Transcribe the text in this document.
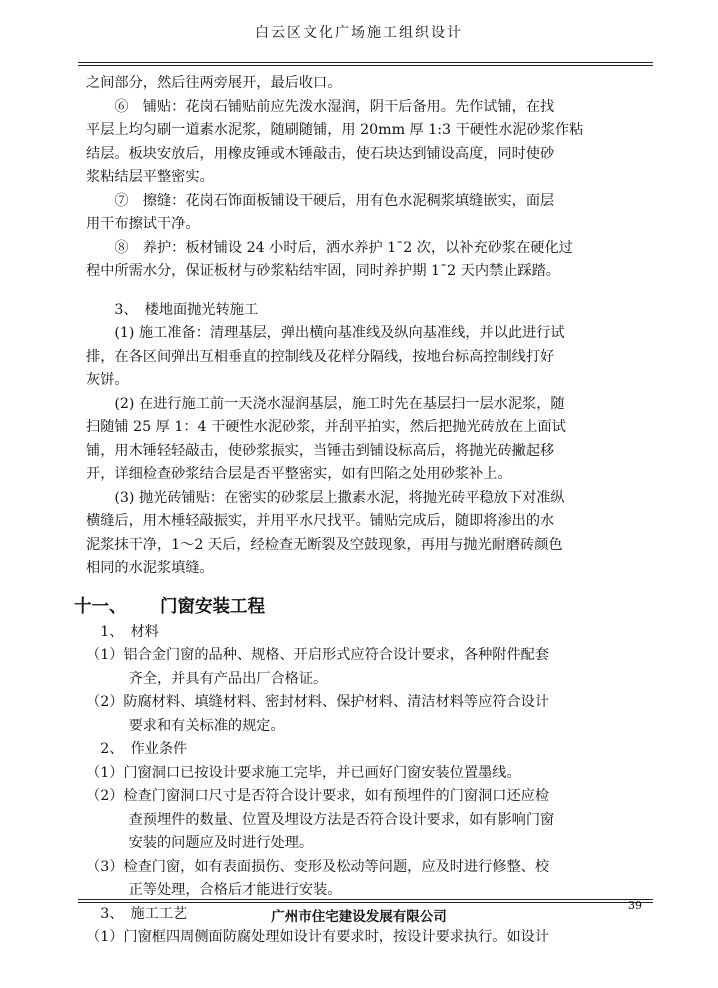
白云区文化广场施工组织设计

之间部分，然后往两旁展开，最后收口。

　　⑥　铺贴：花岗石铺贴前应先泼水湿润，阴干后备用。先作试铺，在找

平层上均匀刷一道素水泥浆，随刷随铺，用 20mm 厚 1:3 干硬性水泥砂浆作粘

结层。板块安放后，用橡皮锤或木锤敲击，使石块达到铺设高度，同时使砂

浆粘结层平整密实。

　　⑦　擦缝：花岗石饰面板铺设干硬后，用有色水泥稠浆填缝嵌实，面层

用干布擦试干净。

　　⑧　养护：板材铺设 24 小时后，洒水养护 1¯2 次，以补充砂浆在硬化过

程中所需水分，保证板材与砂浆粘结牢固，同时养护期 1¯2 天内禁止踩踏。

　　3、　楼地面抛光转施工

　　(1) 施工准备：清理基层，弹出横向基准线及纵向基准线，并以此进行试

排，在各区间弹出互相垂直的控制线及花样分隔线，按地台标高控制线打好

灰饼。

　　(2) 在进行施工前一天浇水湿润基层，施工时先在基层扫一层水泥浆，随

扫随铺 25 厚 1：4 干硬性水泥砂浆，并刮平拍实，然后把抛光砖放在上面试

铺，用木锤轻轻敲击，使砂浆振实，当锤击到铺设标高后，将抛光砖撇起移

开，详细检查砂浆结合层是否平整密实，如有凹陷之处用砂浆补上。

　　(3) 抛光砖铺贴：在密实的砂浆层上撒素水泥，将抛光砖平稳放下对准纵

横缝后，用木棰轻敲振实，并用平水尺找平。铺贴完成后，随即将渗出的水

泥浆抹干净，1～2 天后，经检查无断裂及空鼓现象，再用与抛光耐磨砖颜色

相同的水泥浆填缝。

十一、 门窗安装工程

　1、　材料

（1）铝合金门窗的品种、规格、开启形式应符合设计要求，各种附件配套

　　　齐全，并具有产品出厂合格证。

（2）防腐材料、填缝材料、密封材料、保护材料、清洁材料等应符合设计

　　　要求和有关标准的规定。

　2、　作业条件

（1）门窗洞口已按设计要求施工完毕，并已画好门窗安装位置墨线。

（2）检查门窗洞口尺寸是否符合设计要求，如有预埋件的门窗洞口还应检

　　　查预埋件的数量、位置及埋设方法是否符合设计要求，如有影响门窗

　　　安装的问题应及时进行处理。

（3）检查门窗，如有表面损伤、变形及松动等问题，应及时进行修整、校

　　　正等处理，合格后才能进行安装。

　3、　施工工艺

（1）门窗框四周侧面防腐处理如设计有要求时，按设计要求执行。如设计

广州市住宅建设发展有限公司
39
